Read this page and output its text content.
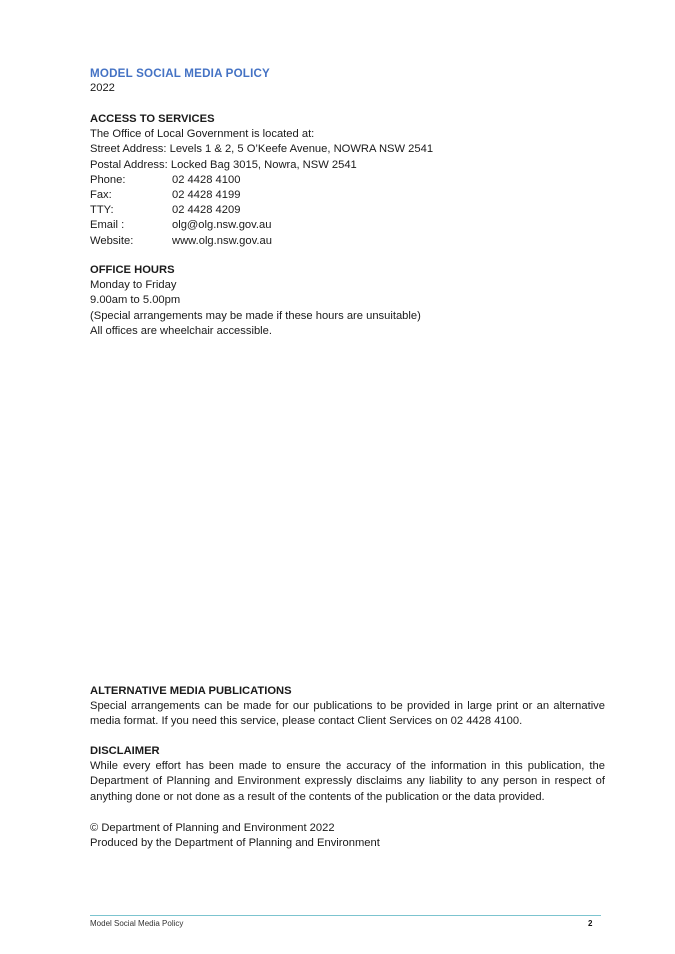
MODEL SOCIAL MEDIA POLICY

2022

ACCESS TO SERVICES

The Office of Local Government is located at:

Street Address: Levels 1 & 2, 5 O’Keefe Avenue, NOWRA NSW 2541

Postal Address: Locked Bag 3015, Nowra, NSW 2541

Phone:	02 4428 4100
Fax:	02 4428 4199
TTY:	02 4428 4209
Email :	olg@olg.nsw.gov.au
Website:	www.olg.nsw.gov.au

OFFICE HOURS

Monday to Friday

9.00am to 5.00pm

(Special arrangements may be made if these hours are unsuitable)

All offices are wheelchair accessible.

ALTERNATIVE MEDIA PUBLICATIONS

Special arrangements can be made for our publications to be provided in large print or an alternative media format. If you need this service, please contact Client Services on 02 4428 4100.

DISCLAIMER

While every effort has been made to ensure the accuracy of the information in this publication, the Department of Planning and Environment expressly disclaims any liability to any person in respect of anything done or not done as a result of the contents of the publication or the data provided.

© Department of Planning and Environment 2022

Produced by the Department of Planning and Environment

Model Social Media Policy	2
